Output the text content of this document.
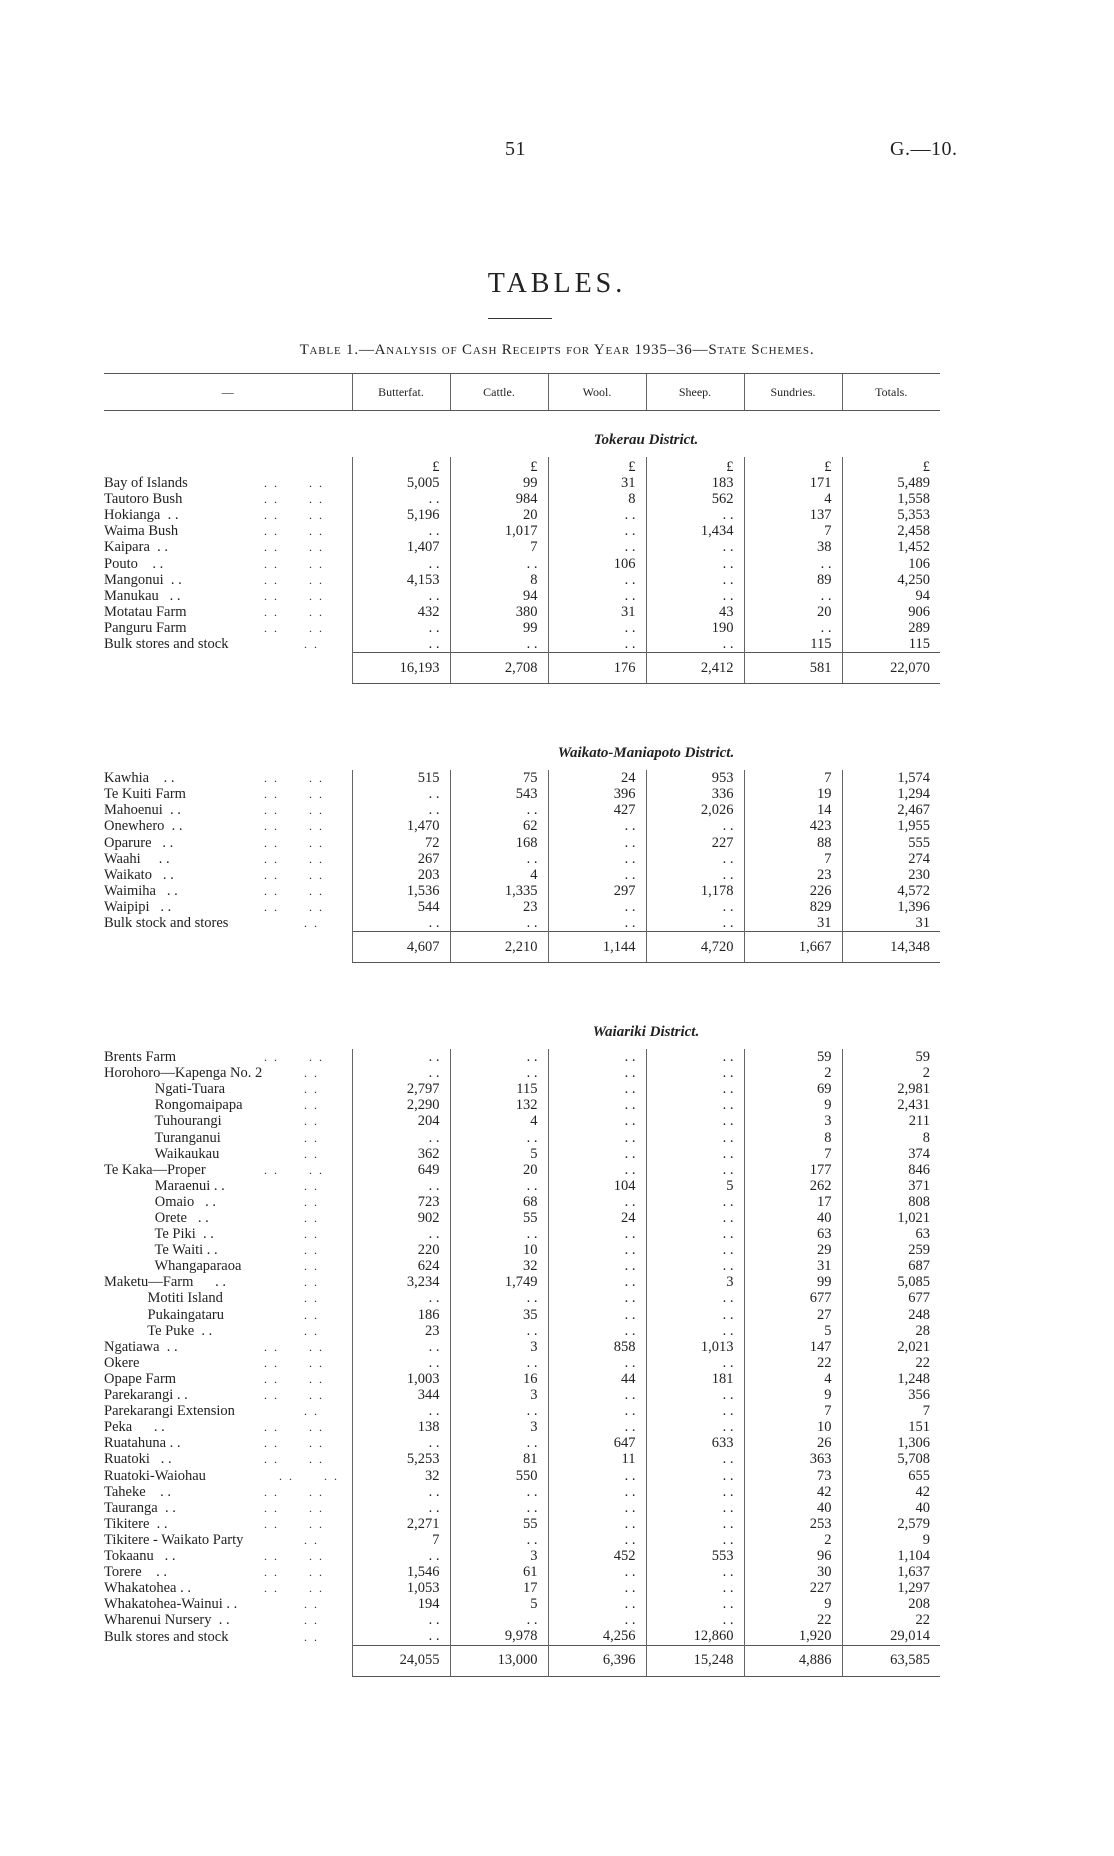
51	G.—10.
TABLES.
Table 1.—Analysis of Cash Receipts for Year 1935–36—State Schemes.
—		Butterfat.	Cattle.	Wool.	Sheep.	Sundries.	Totals.
		Tokerau District.					
		£	£	£	£	£	£
Bay of Islands	. .      . .	5,005	99	31	183	171	5,489
Tautoro Bush	. .      . .	. .	984	8	562	4	1,558
Hokianga  . .	. .      . .	5,196	20	. .	. .	137	5,353
Waima Bush	. .      . .	. .	1,017	. .	1,434	7	2,458
Kaipara  . .	. .      . .	1,407	7	. .	. .	38	1,452
Pouto    . .	. .      . .	. .	. .	106	. .	. .	106
Mangonui  . .	. .      . .	4,153	8	. .	. .	89	4,250
Manukau   . .	. .      . .	. .	94	. .	. .	. .	94
Motatau Farm	. .      . .	432	380	31	43	20	906
Panguru Farm	. .      . .	. .	99	. .	190	. .	289
Bulk stores and stock	. .	. .	. .	. .	. .	115	115
		16,193	2,708	176	2,412	581	22,070

		Waikato-Maniapoto District.					
Kawhia    . .	. .      . .	515	75	24	953	7	1,574
Te Kuiti Farm	. .      . .	. .	543	396	336	19	1,294
Mahoenui  . .	. .      . .	. .	. .	427	2,026	14	2,467
Onewhero  . .	. .      . .	1,470	62	. .	. .	423	1,955
Oparure   . .	. .      . .	72	168	. .	227	88	555
Waahi     . .	. .      . .	267	. .	. .	. .	7	274
Waikato   . .	. .      . .	203	4	. .	. .	23	230
Waimiha   . .	. .      . .	1,536	1,335	297	1,178	226	4,572
Waipipi   . .	. .      . .	544	23	. .	. .	829	1,396
Bulk stock and stores	. .	. .	. .	. .	. .	31	31
		4,607	2,210	1,144	4,720	1,667	14,348

		Waiariki District.					
Brents Farm	. .      . .	. .	. .	. .	. .	59	59
Horohoro—Kapenga No. 2	. .	. .	. .	. .	. .	2	2
Ngati-Tuara	. .	2,797	115	. .	. .	69	2,981
Rongomaipapa	. .	2,290	132	. .	. .	9	2,431
Tuhourangi	. .	204	4	. .	. .	3	211
Turanganui	. .	. .	. .	. .	. .	8	8
Waikaukau	. .	362	5	. .	. .	7	374
Te Kaka—Proper	. .      . .	649	20	. .	. .	177	846
Maraenui . .	. .	. .	. .	104	5	262	371
Omaio   . .	. .	723	68	. .	. .	17	808
Orete   . .	. .	902	55	24	. .	40	1,021
Te Piki  . .	. .	. .	. .	. .	. .	63	63
Te Waiti . .	. .	220	10	. .	. .	29	259
Whangaparaoa	. .	624	32	. .	. .	31	687
Maketu—Farm      . .	. .	3,234	1,749	. .	3	99	5,085
Motiti Island	. .	. .	. .	. .	. .	677	677
Pukaingataru	. .	186	35	. .	. .	27	248
Te Puke  . .	. .	23	. .	. .	. .	5	28
Ngatiawa  . .	. .      . .	. .	3	858	1,013	147	2,021
Okere	. .      . .	. .	. .	. .	. .	22	22
Opape Farm	. .      . .	1,003	16	44	181	4	1,248
Parekarangi . .	. .      . .	344	3	. .	. .	9	356
Parekarangi Extension	. .	. .	. .	. .	. .	7	7
Peka      . .	. .      . .	138	3	. .	. .	10	151
Ruatahuna . .	. .      . .	. .	. .	647	633	26	1,306
Ruatoki   . .	. .      . .	5,253	81	11	. .	363	5,708
Ruatoki-Waiohau	. .      . .	32	550	. .	. .	73	655
Taheke    . .	. .      . .	. .	. .	. .	. .	42	42
Tauranga  . .	. .      . .	. .	. .	. .	. .	40	40
Tikitere  . .	. .      . .	2,271	55	. .	. .	253	2,579
Tikitere - Waikato Party	. .	7	. .	. .	. .	2	9
Tokaanu   . .	. .      . .	. .	3	452	553	96	1,104
Torere    . .	. .      . .	1,546	61	. .	. .	30	1,637
Whakatohea . .	. .      . .	1,053	17	. .	. .	227	1,297
Whakatohea-Wainui . .	. .	194	5	. .	. .	9	208
Wharenui Nursery  . .	. .	. .	. .	. .	. .	22	22
Bulk stores and stock	. .	. .	9,978	4,256	12,860	1,920	29,014
		24,055	13,000	6,396	15,248	4,886	63,585
